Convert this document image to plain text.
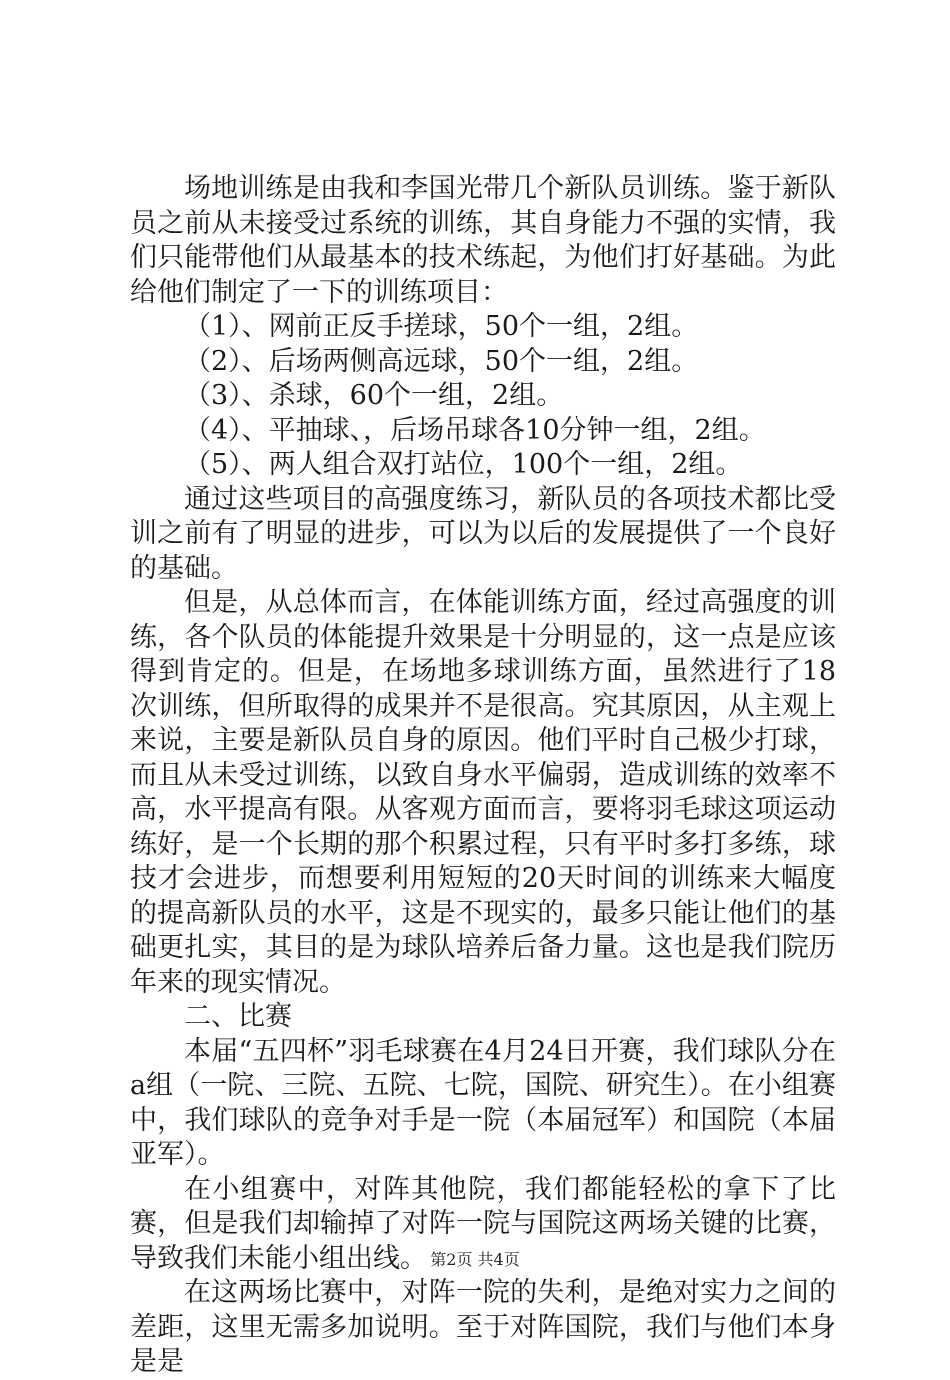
场地训练是由我和李国光带几个新队员训练。鉴于新队员之前从未接受过系统的训练，其自身能力不强的实情，我们只能带他们从最基本的技术练起，为他们打好基础。为此给他们制定了一下的训练项目：

（1）、网前正反手搓球，50个一组，2组。

（2）、后场两侧高远球，50个一组，2组。

（3）、杀球，60个一组，2组。

（4）、平抽球、，后场吊球各10分钟一组，2组。

（5）、两人组合双打站位，100个一组，2组。

通过这些项目的高强度练习，新队员的各项技术都比受训之前有了明显的进步，可以为以后的发展提供了一个良好的基础。

但是，从总体而言，在体能训练方面，经过高强度的训练，各个队员的体能提升效果是十分明显的，这一点是应该得到肯定的。但是，在场地多球训练方面，虽然进行了18次训练，但所取得的成果并不是很高。究其原因，从主观上来说，主要是新队员自身的原因。他们平时自己极少打球，而且从未受过训练，以致自身水平偏弱，造成训练的效率不高，水平提高有限。从客观方面而言，要将羽毛球这项运动练好，是一个长期的那个积累过程，只有平时多打多练，球技才会进步，而想要利用短短的20天时间的训练来大幅度的提高新队员的水平，这是不现实的，最多只能让他们的基础更扎实，其目的是为球队培养后备力量。这也是我们院历年来的现实情况。

二、比赛

本届“五四杯”羽毛球赛在4月24日开赛，我们球队分在a组（一院、三院、五院、七院，国院、研究生）。在小组赛中，我们球队的竞争对手是一院（本届冠军）和国院（本届亚军）。

在小组赛中，对阵其他院，我们都能轻松的拿下了比赛，但是我们却输掉了对阵一院与国院这两场关键的比赛，导致我们未能小组出线。

在这两场比赛中，对阵一院的失利，是绝对实力之间的差距，这里无需多加说明。至于对阵国院，我们与他们本身是是

第2页 共4页
